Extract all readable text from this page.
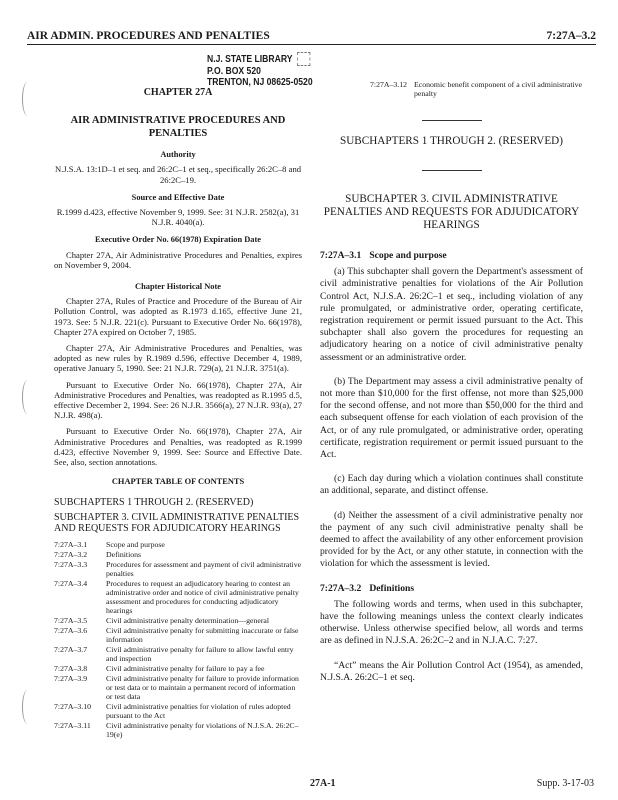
AIR ADMIN. PROCEDURES AND PENALTIES	7:27A–3.2
N.J. STATE LIBRARY
P.O. BOX 520
TRENTON, NJ 08625-0520
CHAPTER 27A
AIR ADMINISTRATIVE PROCEDURES AND PENALTIES
Authority

N.J.S.A. 13:1D–1 et seq. and 26:2C–1 et seq., specifically 26:2C–8 and 26:2C–19.

Source and Effective Date

R.1999 d.423, effective November 9, 1999. See: 31 N.J.R. 2582(a), 31 N.J.R. 4040(a).

Executive Order No. 66(1978) Expiration Date

Chapter 27A, Air Administrative Procedures and Penalties, expires on November 9, 2004.

Chapter Historical Note

Chapter 27A, Rules of Practice and Procedure of the Bureau of Air Pollution Control, was adopted as R.1973 d.165, effective June 21, 1973. See: 5 N.J.R. 221(c). Pursuant to Executive Order No. 66(1978), Chapter 27A expired on October 7, 1985.

Chapter 27A, Air Administrative Procedures and Penalties, was adopted as new rules by R.1989 d.596, effective December 4, 1989, operative January 5, 1990. See: 21 N.J.R. 729(a), 21 N.J.R. 3751(a).

Pursuant to Executive Order No. 66(1978), Chapter 27A, Air Administrative Procedures and Penalties, was readopted as R.1995 d.5, effective December 2, 1994. See: 26 N.J.R. 3566(a), 27 N.J.R. 93(a), 27 N.J.R. 498(a).

Pursuant to Executive Order No. 66(1978), Chapter 27A, Air Administrative Procedures and Penalties, was readopted as R.1999 d.423, effective November 9, 1999. See: Source and Effective Date. See, also, section annotations.

CHAPTER TABLE OF CONTENTS
SUBCHAPTERS 1 THROUGH 2. (RESERVED)
SUBCHAPTER 3. CIVIL ADMINISTRATIVE PENALTIES AND REQUESTS FOR ADJUDICATORY HEARINGS
7:27A–3.1	Scope and purpose
7:27A–3.2	Definitions
7:27A–3.3	Procedures for assessment and payment of civil administrative penalties
7:27A–3.4	Procedures to request an adjudicatory hearing to contest an administrative order and notice of civil administrative penalty assessment and procedures for conducting adjudicatory hearings
7:27A–3.5	Civil administrative penalty determination—general
7:27A–3.6	Civil administrative penalty for submitting inaccurate or false information
7:27A–3.7	Civil administrative penalty for failure to allow lawful entry and inspection
7:27A–3.8	Civil administrative penalty for failure to pay a fee
7:27A–3.9	Civil administrative penalty for failure to provide information or test data or to maintain a permanent record of information or test data
7:27A–3.10	Civil administrative penalties for violation of rules adopted pursuant to the Act
7:27A–3.11	Civil administrative penalty for violations of N.J.S.A. 26:2C–19(e)
7:27A–3.12 Economic benefit component of a civil administrative penalty
SUBCHAPTERS 1 THROUGH 2. (RESERVED)
SUBCHAPTER 3. CIVIL ADMINISTRATIVE PENALTIES AND REQUESTS FOR ADJUDICATORY HEARINGS
7:27A–3.1 Scope and purpose

(a) This subchapter shall govern the Department's assessment of civil administrative penalties for violations of the Air Pollution Control Act, N.J.S.A. 26:2C–1 et seq., including violation of any rule promulgated, or administrative order, operating certificate, registration requirement or permit issued pursuant to the Act. This subchapter shall also govern the procedures for requesting an adjudicatory hearing on a notice of civil administrative penalty assessment or an administrative order.

(b) The Department may assess a civil administrative penalty of not more than $10,000 for the first offense, not more than $25,000 for the second offense, and not more than $50,000 for the third and each subsequent offense for each violation of each provision of the Act, or of any rule promulgated, or administrative order, operating certificate, registration requirement or permit issued pursuant to the Act.

(c) Each day during which a violation continues shall constitute an additional, separate, and distinct offense.

(d) Neither the assessment of a civil administrative penalty nor the payment of any such civil administrative penalty shall be deemed to affect the availability of any other enforcement provision provided for by the Act, or any other statute, in connection with the violation for which the assessment is levied.

7:27A–3.2 Definitions

The following words and terms, when used in this subchapter, have the following meanings unless the context clearly indicates otherwise. Unless otherwise specified below, all words and terms are as defined in N.J.S.A. 26:2C–2 and in N.J.A.C. 7:27.

“Act” means the Air Pollution Control Act (1954), as amended, N.J.S.A. 26:2C–1 et seq.

27A-1	Supp. 3-17-03
